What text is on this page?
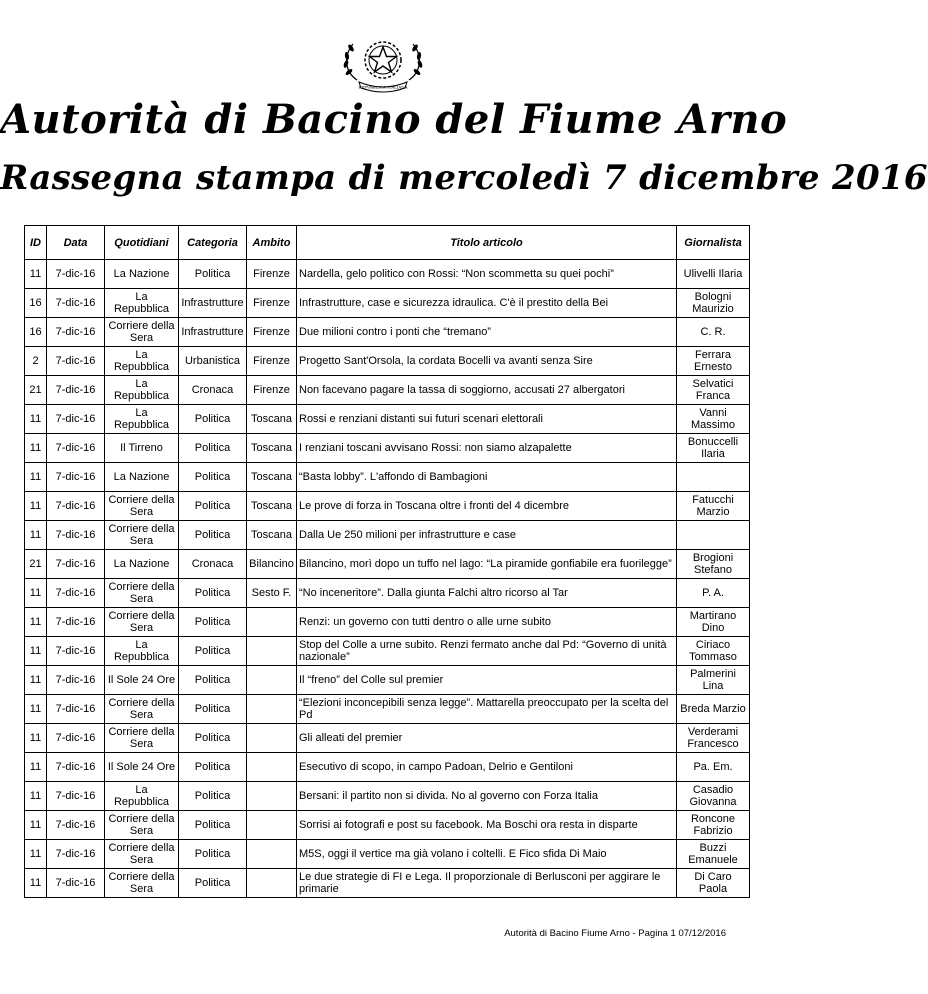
REPVBBLICA ITALIANA
Autorità di Bacino del Fiume Arno
Rassegna stampa di mercoledì 7 dicembre 2016
ID	Data	Quotidiani	Categoria	Ambito	Titolo articolo	Giornalista
11	7-dic-16	La Nazione	Politica	Firenze	Nardella, gelo politico con Rossi: “Non scommetta su quei pochi”	Ulivelli Ilaria
16	7-dic-16	La Repubblica	Infrastrutture	Firenze	Infrastrutture, case e sicurezza idraulica. C'è il prestito della Bei	Bologni Maurizio
16	7-dic-16	Corriere della Sera	Infrastrutture	Firenze	Due milioni contro i ponti che “tremano”	C. R.
2	7-dic-16	La Repubblica	Urbanistica	Firenze	Progetto Sant'Orsola, la cordata Bocelli va avanti senza Sire	Ferrara Ernesto
21	7-dic-16	La Repubblica	Cronaca	Firenze	Non facevano pagare la tassa di soggiorno, accusati 27 albergatori	Selvatici Franca
11	7-dic-16	La Repubblica	Politica	Toscana	Rossi e renziani distanti sui futuri scenari elettorali	Vanni Massimo
11	7-dic-16	Il Tirreno	Politica	Toscana	I renziani toscani avvisano Rossi: non siamo alzapalette	Bonuccelli Ilaria
11	7-dic-16	La Nazione	Politica	Toscana	“Basta lobby”. L'affondo di Bambagioni	
11	7-dic-16	Corriere della Sera	Politica	Toscana	Le prove di forza in Toscana oltre i fronti del 4 dicembre	Fatucchi Marzio
11	7-dic-16	Corriere della Sera	Politica	Toscana	Dalla Ue 250 milioni per infrastrutture e case	
21	7-dic-16	La Nazione	Cronaca	Bilancino	Bilancino, morì dopo un tuffo nel lago: “La piramide gonfiabile era fuorilegge”	Brogioni Stefano
11	7-dic-16	Corriere della Sera	Politica	Sesto F.	“No inceneritore”. Dalla giunta Falchi altro ricorso al Tar	P. A.
11	7-dic-16	Corriere della Sera	Politica		Renzi: un governo con tutti dentro o alle urne subito	Martirano Dino
11	7-dic-16	La Repubblica	Politica		Stop del Colle a urne subito. Renzi fermato anche dal Pd: “Governo di unità nazionale”	Ciriaco Tommaso
11	7-dic-16	Il Sole 24 Ore	Politica		Il “freno” del Colle sul premier	Palmerini Lina
11	7-dic-16	Corriere della Sera	Politica		“Elezioni inconcepibili senza legge”. Mattarella preoccupato per la scelta del Pd	Breda Marzio
11	7-dic-16	Corriere della Sera	Politica		Gli alleati del premier	Verderami Francesco
11	7-dic-16	Il Sole 24 Ore	Politica		Esecutivo di scopo, in campo Padoan, Delrio e Gentiloni	Pa. Em.
11	7-dic-16	La Repubblica	Politica		Bersani: il partito non si divida. No al governo con Forza Italia	Casadio Giovanna
11	7-dic-16	Corriere della Sera	Politica		Sorrisi ai fotografi e post su facebook. Ma Boschi ora resta in disparte	Roncone Fabrizio
11	7-dic-16	Corriere della Sera	Politica		M5S, oggi il vertice ma già volano i coltelli. E Fico sfida Di Maio	Buzzi Emanuele
11	7-dic-16	Corriere della Sera	Politica		Le due strategie di FI e Lega. Il proporzionale di Berlusconi per aggirare le primarie	Di Caro Paola
Autorità di Bacino Fiume Arno - Pagina 1 07/12/2016
